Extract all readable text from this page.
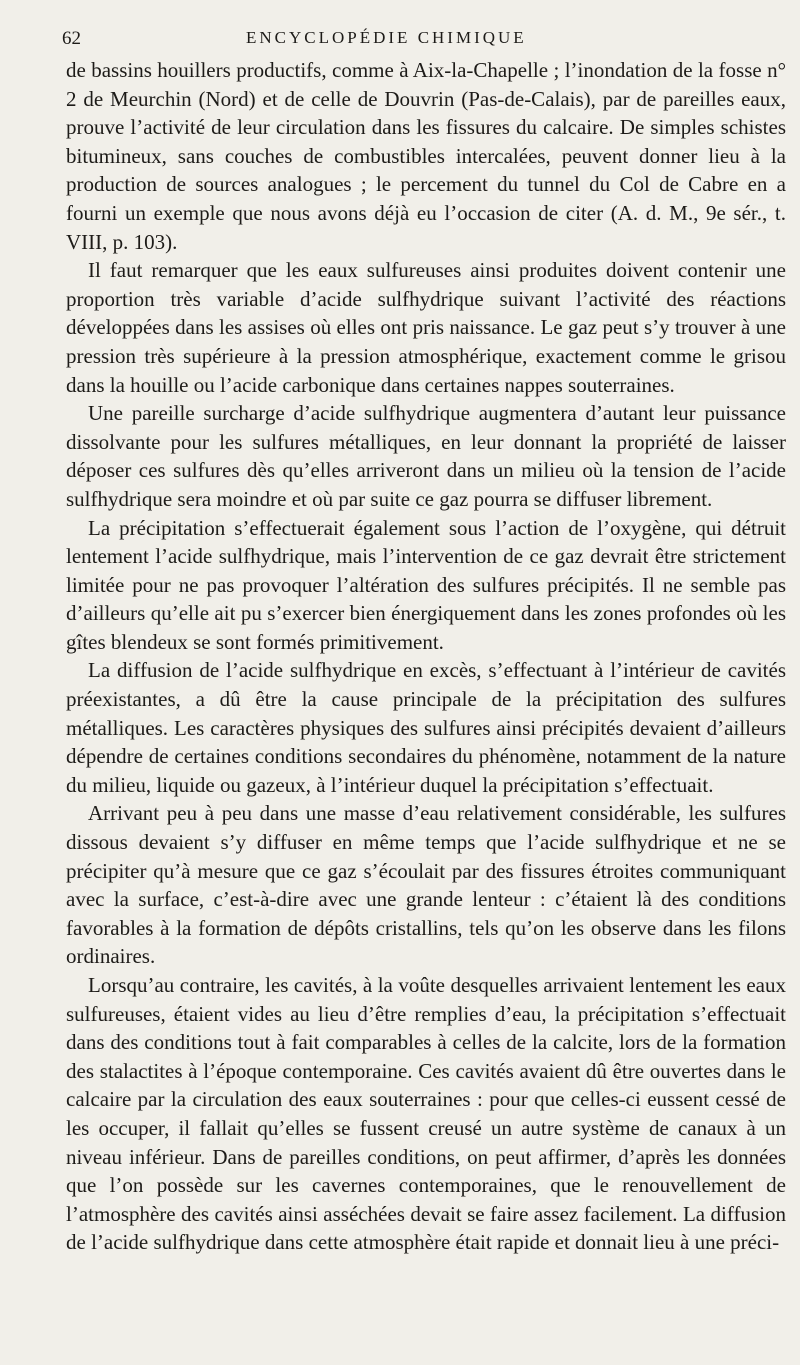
62	ENCYCLOPÉDIE CHIMIQUE

de bassins houillers productifs, comme à Aix-la-Chapelle ; l’inondation de la fosse n° 2 de Meurchin (Nord) et de celle de Douvrin (Pas-de-Calais), par de pareilles eaux, prouve l’activité de leur circulation dans les fissures du calcaire. De simples schistes bitumineux, sans couches de combustibles intercalées, peuvent donner lieu à la production de sources analogues ; le percement du tunnel du Col de Cabre en a fourni un exemple que nous avons déjà eu l’occasion de citer (A. d. M., 9e sér., t. VIII, p. 103).

Il faut remarquer que les eaux sulfureuses ainsi produites doivent contenir une proportion très variable d’acide sulfhydrique suivant l’activité des réactions développées dans les assises où elles ont pris naissance. Le gaz peut s’y trouver à une pression très supérieure à la pression atmosphérique, exactement comme le grisou dans la houille ou l’acide carbonique dans certaines nappes souterraines.

Une pareille surcharge d’acide sulfhydrique augmentera d’autant leur puissance dissolvante pour les sulfures métalliques, en leur donnant la propriété de laisser déposer ces sulfures dès qu’elles arriveront dans un milieu où la tension de l’acide sulfhydrique sera moindre et où par suite ce gaz pourra se diffuser librement.

La précipitation s’effectuerait également sous l’action de l’oxygène, qui détruit lentement l’acide sulfhydrique, mais l’intervention de ce gaz devrait être strictement limitée pour ne pas provoquer l’altération des sulfures précipités. Il ne semble pas d’ailleurs qu’elle ait pu s’exercer bien énergiquement dans les zones profondes où les gîtes blendeux se sont formés primitivement.

La diffusion de l’acide sulfhydrique en excès, s’effectuant à l’intérieur de cavités préexistantes, a dû être la cause principale de la précipitation des sulfures métalliques. Les caractères physiques des sulfures ainsi précipités devaient d’ailleurs dépendre de certaines conditions secondaires du phénomène, notamment de la nature du milieu, liquide ou gazeux, à l’intérieur duquel la précipitation s’effectuait.

Arrivant peu à peu dans une masse d’eau relativement considérable, les sulfures dissous devaient s’y diffuser en même temps que l’acide sulfhydrique et ne se précipiter qu’à mesure que ce gaz s’écoulait par des fissures étroites communiquant avec la surface, c’est-à-dire avec une grande lenteur : c’étaient là des conditions favorables à la formation de dépôts cristallins, tels qu’on les observe dans les filons ordinaires.

Lorsqu’au contraire, les cavités, à la voûte desquelles arrivaient lentement les eaux sulfureuses, étaient vides au lieu d’être remplies d’eau, la précipitation s’effectuait dans des conditions tout à fait comparables à celles de la calcite, lors de la formation des stalactites à l’époque contemporaine. Ces cavités avaient dû être ouvertes dans le calcaire par la circulation des eaux souterraines : pour que celles-ci eussent cessé de les occuper, il fallait qu’elles se fussent creusé un autre système de canaux à un niveau inférieur. Dans de pareilles conditions, on peut affirmer, d’après les données que l’on possède sur les cavernes contemporaines, que le renouvellement de l’atmosphère des cavités ainsi asséchées devait se faire assez facilement. La diffusion de l’acide sulfhydrique dans cette atmosphère était rapide et donnait lieu à une préci-
